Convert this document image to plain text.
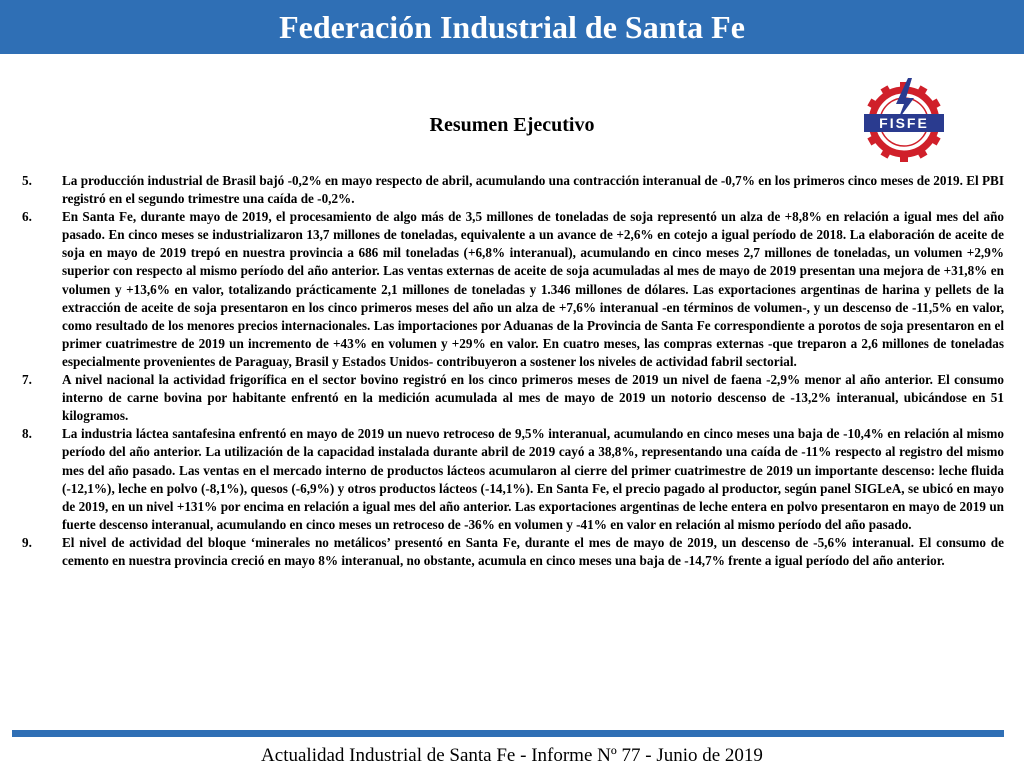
Federación Industrial de Santa Fe
FISFE
Resumen Ejecutivo
5. La producción industrial de Brasil bajó -0,2% en mayo respecto de abril, acumulando una contracción interanual de -0,7% en los primeros cinco meses de 2019. El PBI registró en el segundo trimestre una caída de -0,2%.
6. En Santa Fe, durante mayo de 2019, el procesamiento de algo más de 3,5 millones de toneladas de soja representó un alza de +8,8% en relación a igual mes del año pasado. En cinco meses se industrializaron 13,7 millones de toneladas, equivalente a un avance de +2,6% en cotejo a igual período de 2018. La elaboración de aceite de soja en mayo de 2019 trepó en nuestra provincia a 686 mil toneladas (+6,8% interanual), acumulando en cinco meses 2,7 millones de toneladas, un volumen +2,9% superior con respecto al mismo período del año anterior. Las ventas externas de aceite de soja acumuladas al mes de mayo de 2019 presentan una mejora de +31,8% en volumen y +13,6% en valor, totalizando prácticamente 2,1 millones de toneladas y 1.346 millones de dólares. Las exportaciones argentinas de harina y pellets de la extracción de aceite de soja presentaron en los cinco primeros meses del año un alza de +7,6% interanual -en términos de volumen-, y un descenso de -11,5% en valor, como resultado de los menores precios internacionales. Las importaciones por Aduanas de la Provincia de Santa Fe correspondiente a porotos de soja presentaron en el primer cuatrimestre de 2019 un incremento de +43% en volumen y +29% en valor. En cuatro meses, las compras externas -que treparon a 2,6 millones de toneladas especialmente provenientes de Paraguay, Brasil y Estados Unidos- contribuyeron a sostener los niveles de actividad fabril sectorial.
7. A nivel nacional la actividad frigorífica en el sector bovino registró en los cinco primeros meses de 2019 un nivel de faena -2,9% menor al año anterior. El consumo interno de carne bovina por habitante enfrentó en la medición acumulada al mes de mayo de 2019 un notorio descenso de -13,2% interanual, ubicándose en 51 kilogramos.
8. La industria láctea santafesina enfrentó en mayo de 2019 un nuevo retroceso de 9,5% interanual, acumulando en cinco meses una baja de -10,4% en relación al mismo período del año anterior. La utilización de la capacidad instalada durante abril de 2019 cayó a 38,8%, representando una caída de -11% respecto al registro del mismo mes del año pasado. Las ventas en el mercado interno de productos lácteos acumularon al cierre del primer cuatrimestre de 2019 un importante descenso: leche fluida (-12,1%), leche en polvo (-8,1%), quesos (-6,9%) y otros productos lácteos (-14,1%). En Santa Fe, el precio pagado al productor, según panel SIGLeA, se ubicó en mayo de 2019, en un nivel +131% por encima en relación a igual mes del año anterior. Las exportaciones argentinas de leche entera en polvo presentaron en mayo de 2019 un fuerte descenso interanual, acumulando en cinco meses un retroceso de -36% en volumen y -41% en valor en relación al mismo período del año pasado.
9. El nivel de actividad del bloque ‘minerales no metálicos’ presentó en Santa Fe, durante el mes de mayo de 2019, un descenso de -5,6% interanual. El consumo de cemento en nuestra provincia creció en mayo 8% interanual, no obstante, acumula en cinco meses una baja de -14,7% frente a igual período del año anterior.
Actualidad Industrial de Santa Fe - Informe Nº 77 - Junio de 2019
